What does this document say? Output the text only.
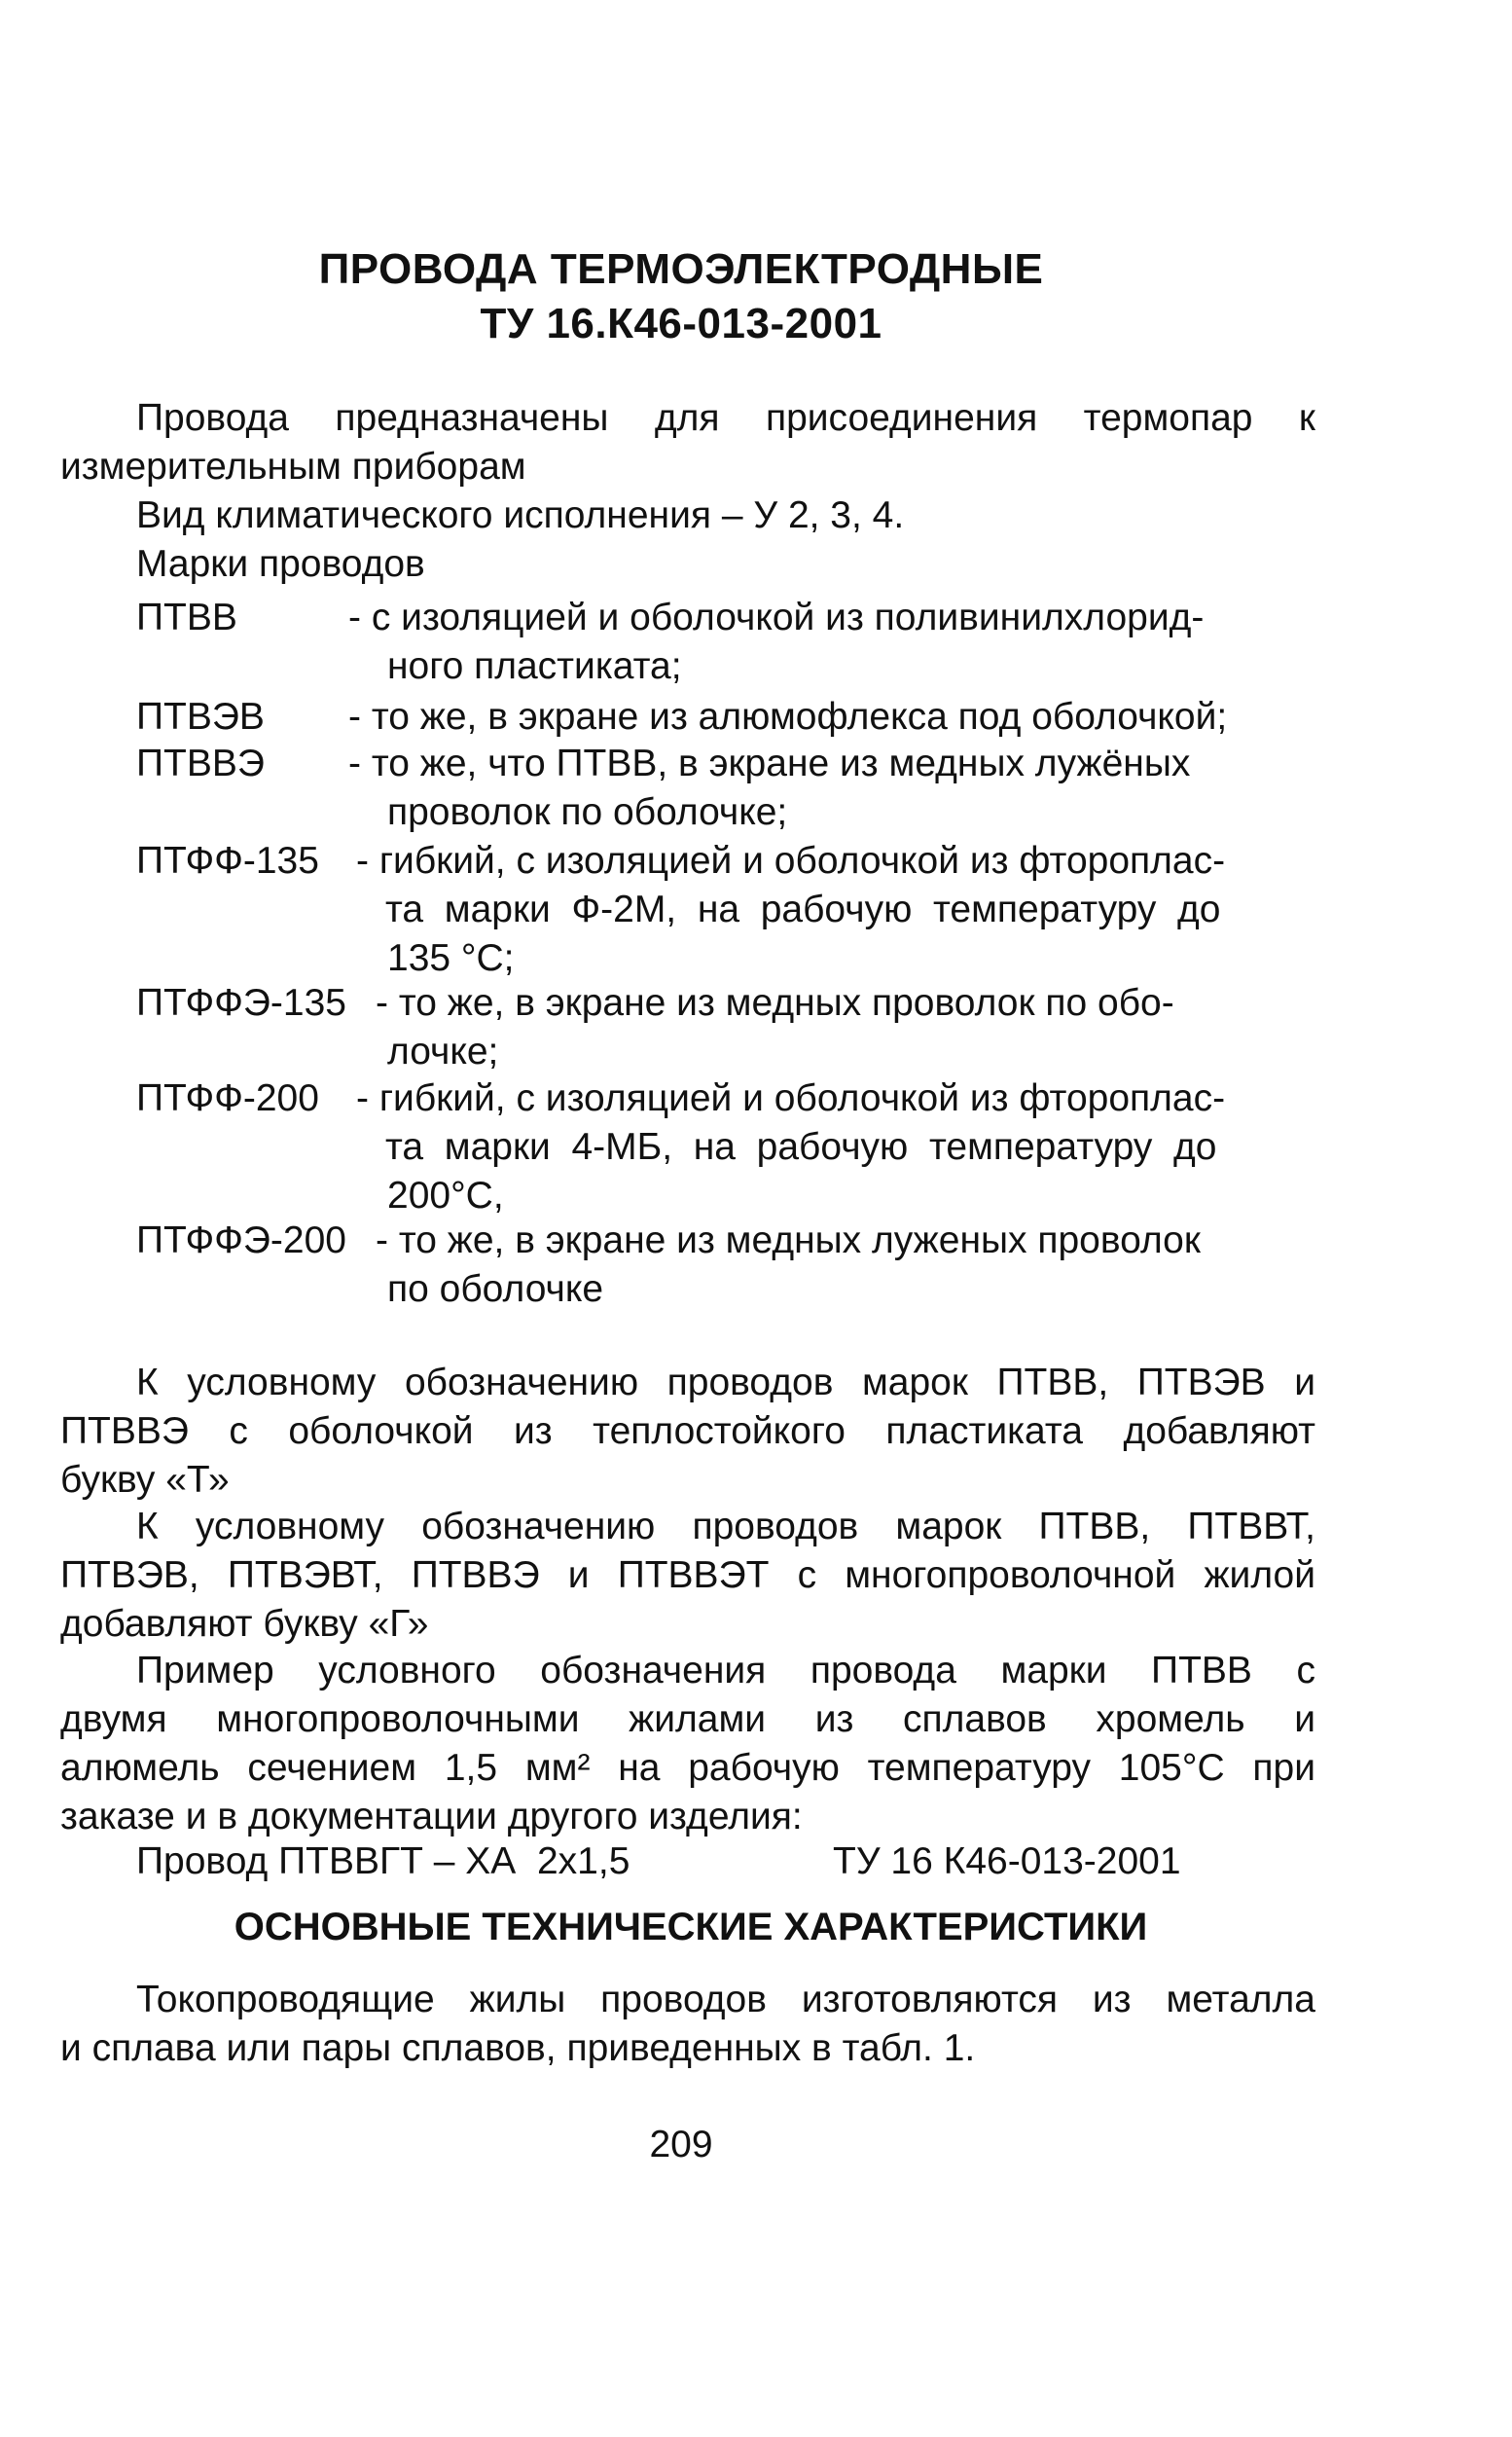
ПРОВОДА ТЕРМОЭЛЕКТРОДНЫЕ
ТУ 16.К46-013-2001
Провода предназначены для присоединения термопар к
измерительным приборам
Вид климатического исполнения – У 2, 3, 4.
Марки проводов
ПТВВ	- с изоляцией и оболочкой из поливинилхлорид-
ного пластиката;
ПТВЭВ - то же, в экране из алюмофлекса под оболочкой;
ПТВВЭ - то же, что ПТВВ, в экране из медных лужёных
проволок по оболочке;
ПТФФ-135 - гибкий, с изоляцией и оболочкой из фтороплас-
та  марки  Ф-2М,  на  рабочую  температуру  до
135 °С;
ПТФФЭ-135 - то же, в экране из медных проволок по обо-
лочке;
ПТФФ-200 - гибкий, с изоляцией и оболочкой из фтороплас-
та  марки  4-МБ,  на  рабочую  температуру  до
200°С,
ПТФФЭ-200 - то же, в экране из медных луженых проволок
по оболочке
К условному обозначению проводов марок ПТВВ, ПТВЭВ и
ПТВВЭ с оболочкой из теплостойкого пластиката добавляют
букву «Т»
К условному обозначению проводов марок ПТВВ, ПТВВТ,
ПТВЭВ, ПТВЭВТ, ПТВВЭ и ПТВВЭТ с многопроволочной жилой
добавляют букву «Г»
Пример условного обозначения провода марки ПТВВ с
двумя многопроволочными жилами из сплавов хромель и
алюмель сечением 1,5 мм² на рабочую температуру 105°С при
заказе и в документации другого изделия:
Провод ПТВВГТ – ХА  2х1,5	ТУ 16 К46-013-2001
ОСНОВНЫЕ ТЕХНИЧЕСКИЕ ХАРАКТЕРИСТИКИ
Токопроводящие жилы проводов изготовляются из металла
и сплава или пары сплавов, приведенных в табл. 1.
209
